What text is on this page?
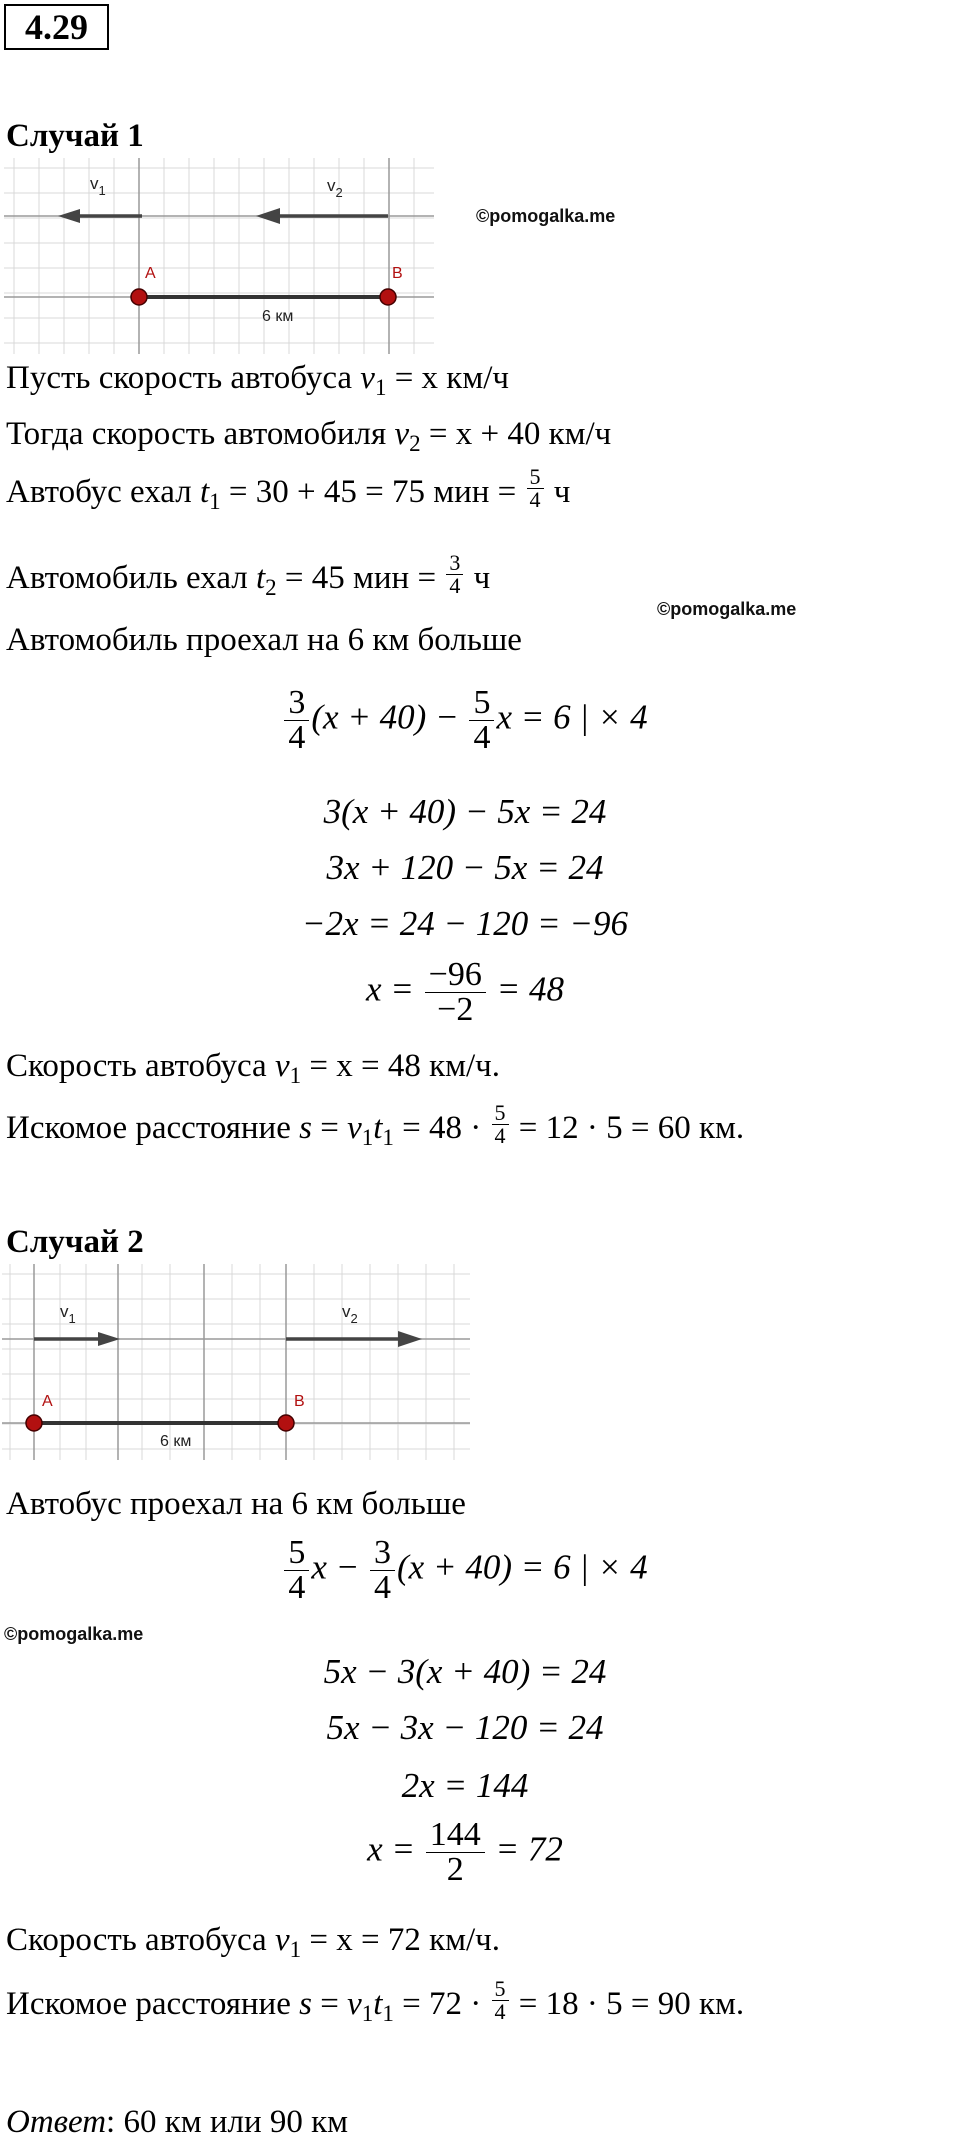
4.29
Случай 1
$v_1$	$v_2$
A	B
6 км
©pomogalka.me
Пусть скорость автобуса $v_1 = x$ км/ч
Тогда скорость автомобиля $v_2 = x + 40$ км/ч
Автобус ехал $t_1 = 30 + 45 = 75$ мин = $\frac{5}{4}$ ч
Автомобиль ехал $t_2 = 45$ мин = $\frac{3}{4}$ ч
©pomogalka.me
Автомобиль проехал на 6 км больше
$\frac{3}{4} (x + 40) - \frac{5}{4}$ x = 6 | × 4
3(x + 40) − 5x = 24
3x + 120 − 5x = 24
−2x = 24 − 120 = −96
$x = \frac{-96}{-2} = 48$
Скорость автобуса $v_1 = x = 48$ км/ч.
Искомое расстояние $s = v_1t_1 = 48 \cdot \frac{5}{4} = 12 \cdot 5 = 60$ км.
Случай 2
$v_1$	$v_2$
A	B
6 км
Автобус проехал на 6 км больше
$\frac{5}{4}$ $x - \frac{3}{4} (x + 40) = 6$ | × 4
©pomogalka.me
5x − 3(x + 40) = 24
5x − 3x − 120 = 24
2x = 144
$x = \frac{144}{2} = 72$
Скорость автобуса $v_1 = x = 72$ км/ч.
Искомое расстояние $s = v_1t_1 = 72 \cdot \frac{5}{4} = 18 \cdot 5 = 90$ км.
Ответ: 60 км или 90 км
